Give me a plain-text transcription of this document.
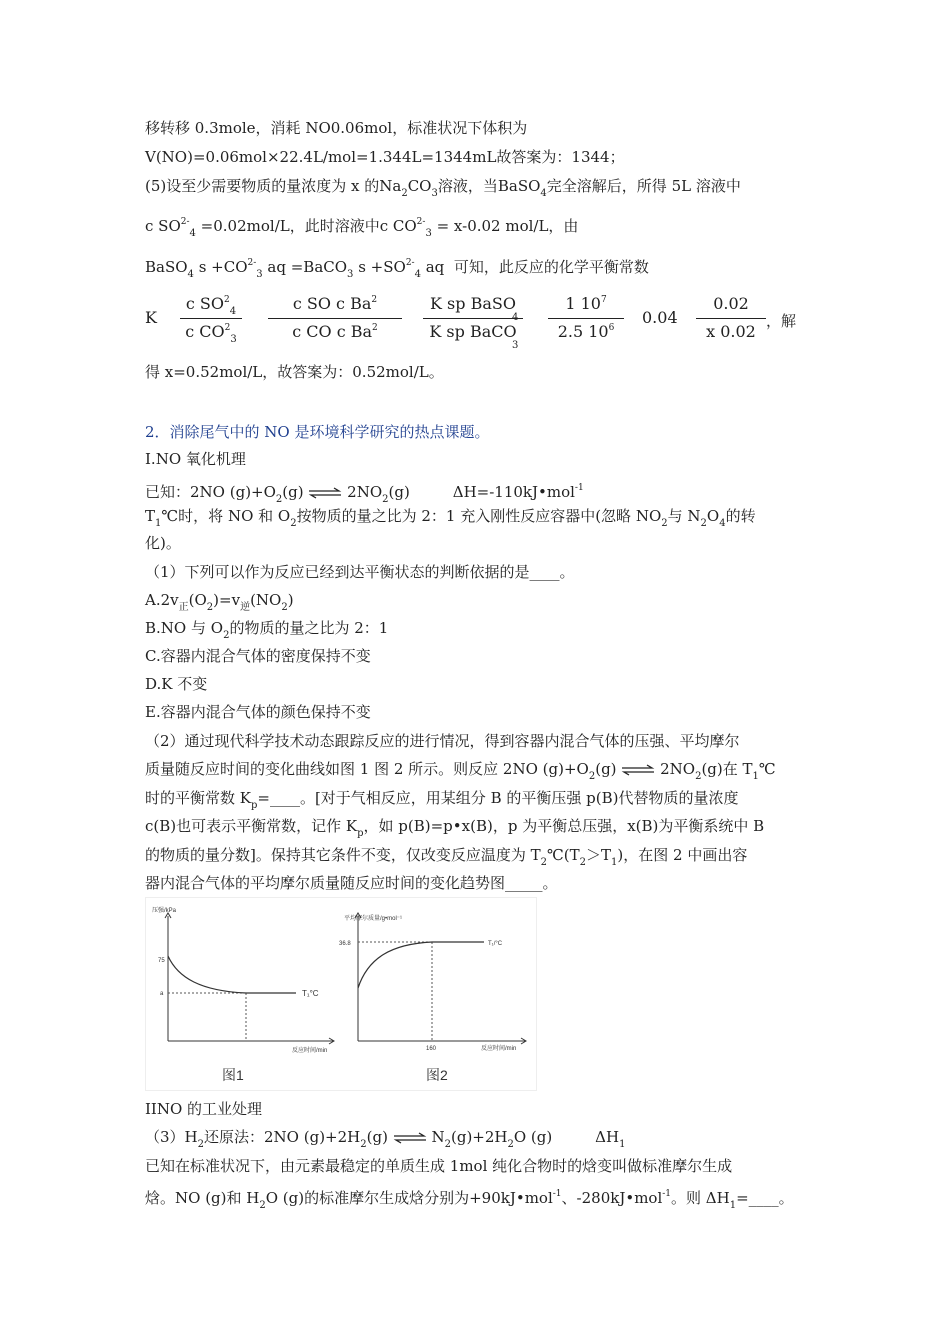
移转移 0.3mole，消耗 NO0.06mol，标准状况下体积为
V(NO)=0.06mol×22.4L/mol=1.344L=1344mL故答案为：1344；
(5)设至少需要物质的量浓度为 x 的$Na_2CO_3$溶液，当BaSO$_4$完全溶解后，所得 5L 溶液中
c $SO^{2-}_4 =0.02mol/L$，此时溶液中c $CO^{2-}_3 = x-0.02$ mol/L，由
BaSO$_4$ $s +CO^{2-}_3$ aq =BaCO$_3$ $s +SO^{2-}_4$ aq 可知，此反应的化学平衡常数
K
c $SO^2_4$
c $CO^2_3$
c SO c Ba$^2$
c CO c Ba$^2$
K sp BaSO
K sp BaCO
4
3
1 $10^7$
2.5 $10^6$
0.04
0.02
x 0.02
，解
得 x=0.52mol/L，故答案为：0.52mol/L。
2．消除尾气中的 NO 是环境科学研究的热点课题。
I.NO 氧化机理
已知：2NO $(g)+O_2(g)$ ⇌ $2NO_2(g)$	ΔH=-110kJ•mol$^{-1}$
$T_1℃$时，将 NO 和 $O_2$按物质的量之比为 2：1 充入刚性反应容器中(忽略 $NO_2$与 $N_2O_4$的转
化)。
（1）下列可以作为反应已经到达平衡状态的判断依据的是____。
$A.2v_正(O_2)=v_逆(NO_2)$
B.NO 与 $O_2$的物质的量之比为 2：1
C.容器内混合气体的密度保持不变
D.K 不变
E.容器内混合气体的颜色保持不变
（2）通过现代科学技术动态跟踪反应的进行情况，得到容器内混合气体的压强、平均摩尔
质量随反应时间的变化曲线如图 1 图 2 所示。则反应 2NO $(g)+O_2(g)$ ⇌ $2NO_2(g)$在 $T_1℃$
时的平衡常数 $K_p=\_\_\_\_$。[对于气相反应，用某组分 B 的平衡压强 p(B)代替物质的量浓度
c(B)也可表示平衡常数，记作 $K_p$，如 p(B)=p•x(B)，p 为平衡总压强，x(B)为平衡系统中 B
的物质的量分数]。保持其它条件不变，仅改变反应温度为 $T_2℃(T_2>T_1)$，在图 2 中画出容
器内混合气体的平均摩尔质量随反应时间的变化趋势图_____。
压强/kPa
75
a	T₁°C
反应时间/min
图1
平均摩尔质量/g•mol⁻¹
36.8	T₁/°C
160	反应时间/min
图2
IINO 的工业处理
$(3)H_2$还原法：2NO $(g)+2H_2(g)$ ⇌ $N_2(g)+2H_2O$ (g)	$\Delta H_1$
已知在标准状况下，由元素最稳定的单质生成 1mol 纯化合物时的焓变叫做标准摩尔生成
焓。NO (g)和 $H_2O$ (g)的标准摩尔生成焓分别为+90kJ•mol$^{-1}$、-280kJ•mol$^{-1}$。则 $\Delta H_1=\_\_\_\_$。
